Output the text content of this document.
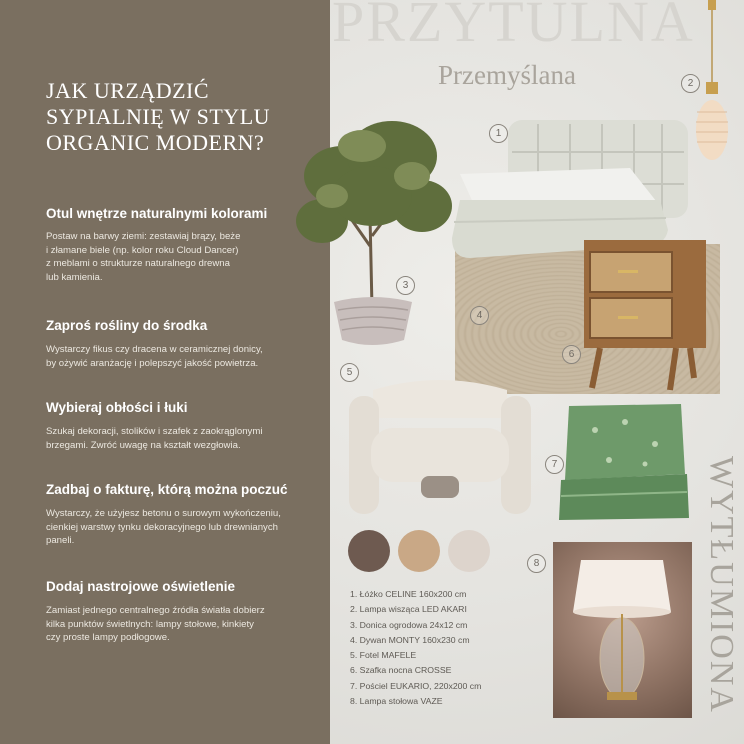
PRZYTULNA
Przemyślana
WYTŁUMIONA
JAK URZĄDZIĆ
SYPIALNIĘ W STYLU
ORGANIC MODERN?
Otul wnętrze naturalnymi kolorami

Postaw na barwy ziemi: zestawiaj brązy, beże
i złamane biele (np. kolor roku Cloud Dancer)
z meblami o strukturze naturalnego drewna
lub kamienia.

Zaproś rośliny do środka

Wystarczy fikus czy dracena w ceramicznej donicy,
by ożywić aranżację i polepszyć jakość powietrza.

Wybieraj obłości i łuki

Szukaj dekoracji, stolików i szafek z zaokrąglonymi
brzegami. Zwróć uwagę na kształt wezgłowia.

Zadbaj o fakturę, którą można poczuć

Wystarczy, że użyjesz betonu o surowym wykończeniu,
cienkiej warstwy tynku dekoracyjnego lub drewnianych
paneli.

Dodaj nastrojowe oświetlenie

Zamiast jednego centralnego źródła światła dobierz
kilka punktów świetlnych: lampy stołowe, kinkiety
czy proste lampy podłogowe.

1
2
3
4
5
6
7
8
1. Łóżko CELINE 160x200 cm
2. Lampa wisząca LED AKARI
3. Donica ogrodowa 24x12 cm
4. Dywan MONTY 160x230 cm
5. Fotel MAFELE
6. Szafka nocna CROSSE
7. Pościel EUKARIO, 220x200 cm
8. Lampa stołowa VAZE
